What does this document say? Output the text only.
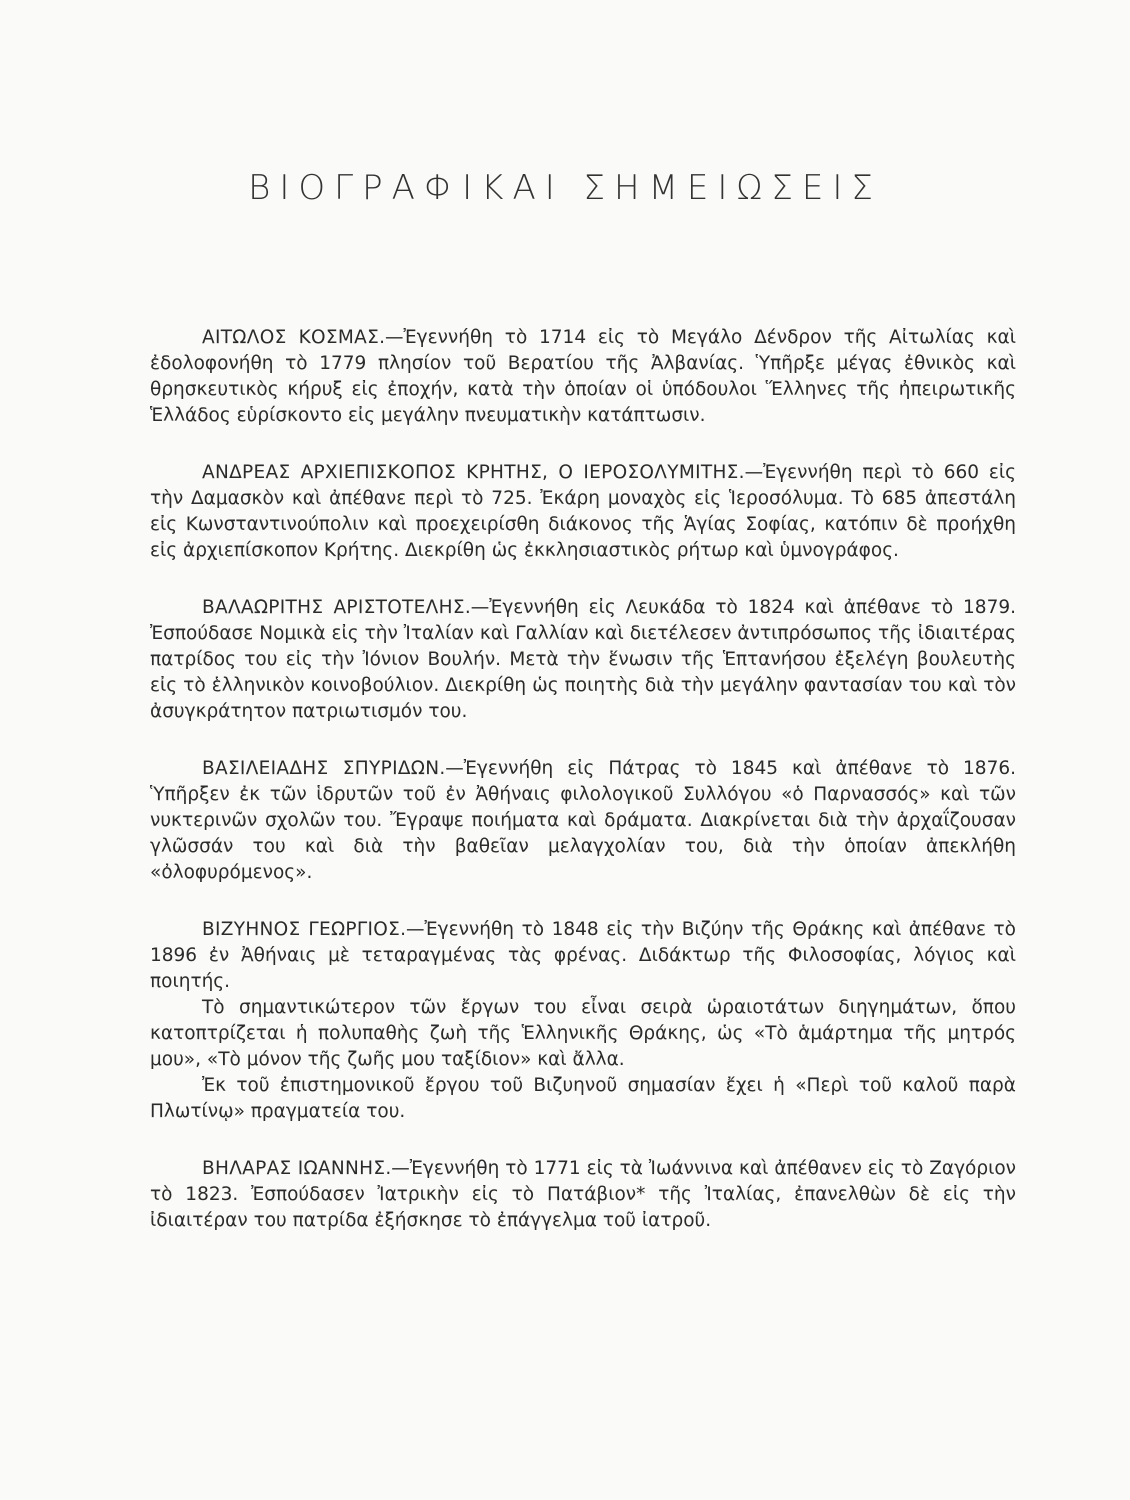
ΒΙΟΓΡΑΦΙΚΑΙ ΣΗΜΕΙΩΣΕΙΣ

ΑΙΤΩΛΟΣ ΚΟΣΜΑΣ.—Ἐγεννήθη τὸ 1714 εἰς τὸ Μεγάλο Δένδρον τῆς Αἰτωλίας καὶ ἐδολοφονήθη τὸ 1779 πλησίον τοῦ Βερατίου τῆς Ἀλβανίας. Ὑπῆρξε μέγας ἐθνικὸς καὶ θρησκευτικὸς κήρυξ εἰς ἐποχήν, κατὰ τὴν ὁποίαν οἱ ὑπόδουλοι Ἕλληνες τῆς ἠπειρωτικῆς Ἑλλάδος εὑρίσκοντο εἰς μεγάλην πνευματικὴν κατάπτωσιν.

ΑΝΔΡΕΑΣ ΑΡΧΙΕΠΙΣΚΟΠΟΣ ΚΡΗΤΗΣ, Ο ΙΕΡΟΣΟΛΥΜΙΤΗΣ.—Ἐγεννήθη περὶ τὸ 660 εἰς τὴν Δαμασκὸν καὶ ἀπέθανε περὶ τὸ 725. Ἐκάρη μοναχὸς εἰς Ἱεροσόλυμα. Τὸ 685 ἀπεστάλη εἰς Κωνσταντινούπολιν καὶ προεχειρίσθη διάκονος τῆς Ἁγίας Σοφίας, κατόπιν δὲ προήχθη εἰς ἀρχιεπίσκοπον Κρήτης. Διεκρίθη ὡς ἐκκλησιαστικὸς ρήτωρ καὶ ὑμνογράφος.

ΒΑΛΑΩΡΙΤΗΣ ΑΡΙΣΤΟΤΕΛΗΣ.—Ἐγεννήθη εἰς Λευκάδα τὸ 1824 καὶ ἀπέθανε τὸ 1879. Ἐσπούδασε Νομικὰ εἰς τὴν Ἰταλίαν καὶ Γαλλίαν καὶ διετέλεσεν ἀντιπρόσωπος τῆς ἰδιαιτέρας πατρίδος του εἰς τὴν Ἰόνιον Βουλήν. Μετὰ τὴν ἕνωσιν τῆς Ἑπτανήσου ἐξελέγη βουλευτὴς εἰς τὸ ἑλληνικὸν κοινοβούλιον. Διεκρίθη ὡς ποιητὴς διὰ τὴν μεγάλην φαντασίαν του καὶ τὸν ἀσυγκράτητον πατριωτισμόν του.

ΒΑΣΙΛΕΙΑΔΗΣ ΣΠΥΡΙΔΩΝ.—Ἐγεννήθη εἰς Πάτρας τὸ 1845 καὶ ἀπέθανε τὸ 1876. Ὑπῆρξεν ἐκ τῶν ἱδρυτῶν τοῦ ἐν Ἀθήναις φιλολογικοῦ Συλλόγου «ὁ Παρνασσός» καὶ τῶν νυκτερινῶν σχολῶν του. Ἔγραψε ποιήματα καὶ δράματα. Διακρίνεται διὰ τὴν ἀρχαΐζουσαν γλῶσσάν του καὶ διὰ τὴν βαθεῖαν μελαγχολίαν του, διὰ τὴν ὁποίαν ἀπεκλήθη «ὀλοφυρόμενος».

ΒΙΖΥΗΝΟΣ ΓΕΩΡΓΙΟΣ.—Ἐγεννήθη τὸ 1848 εἰς τὴν Βιζύην τῆς Θράκης καὶ ἀπέθανε τὸ 1896 ἐν Ἀθήναις μὲ τεταραγμένας τὰς φρένας. Διδάκτωρ τῆς Φιλοσοφίας, λόγιος καὶ ποιητής.

Τὸ σημαντικώτερον τῶν ἔργων του εἶναι σειρὰ ὡραιοτάτων διηγημάτων, ὅπου κατοπτρίζεται ἡ πολυπαθὴς ζωὴ τῆς Ἑλληνικῆς Θράκης, ὡς «Τὸ ἁμάρτημα τῆς μητρός μου», «Τὸ μόνον τῆς ζωῆς μου ταξίδιον» καὶ ἄλλα.

Ἐκ τοῦ ἐπιστημονικοῦ ἔργου τοῦ Βιζυηνοῦ σημασίαν ἔχει ἡ «Περὶ τοῦ καλοῦ παρὰ Πλωτίνῳ» πραγματεία του.

ΒΗΛΑΡΑΣ ΙΩΑΝΝΗΣ.—Ἐγεννήθη τὸ 1771 εἰς τὰ Ἰωάννινα καὶ ἀπέθανεν εἰς τὸ Ζαγόριον τὸ 1823. Ἐσπούδασεν Ἰατρικὴν εἰς τὸ Πατάβιον* τῆς Ἰταλίας, ἐπανελθὼν δὲ εἰς τὴν ἰδιαιτέραν του πατρίδα ἐξήσκησε τὸ ἐπάγγελμα τοῦ ἰατροῦ.
